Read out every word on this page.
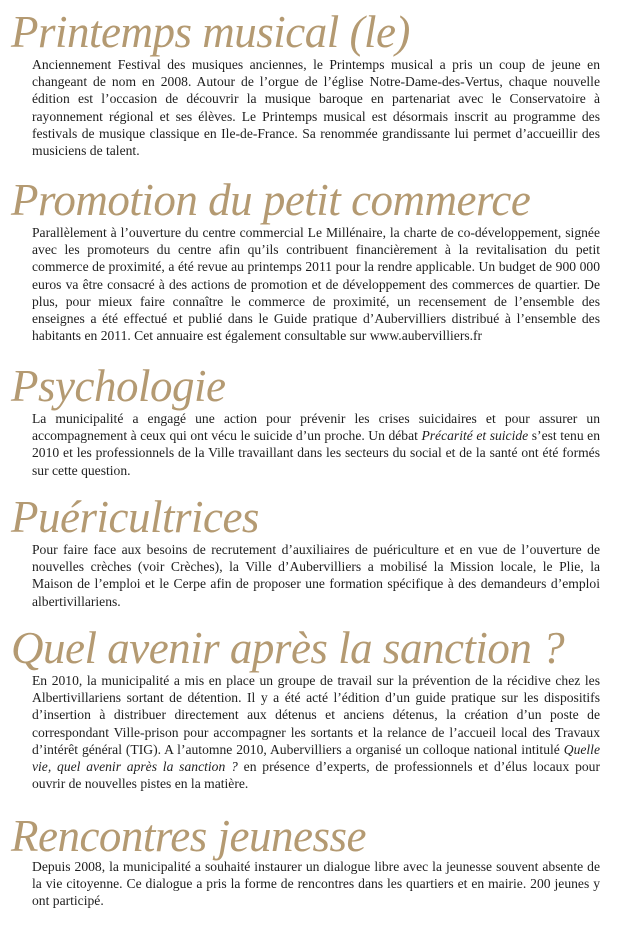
Printemps musical (le)

Anciennement Festival des musiques anciennes, le Printemps musical a pris un coup de jeune en changeant de nom en 2008. Autour de l’orgue de l’église Notre-Dame-des-Vertus, chaque nouvelle édition est l’occasion de découvrir la musique baroque en partenariat avec le Conservatoire à rayonnement régional et ses élèves. Le Printemps musical est désormais inscrit au programme des festivals de musique classique en Ile-de-France. Sa renommée grandissante lui permet d’accueillir des musiciens de talent.

Promotion du petit commerce

Parallèlement à l’ouverture du centre commercial Le Millénaire, la charte de co-développement, signée avec les promoteurs du centre afin qu’ils contribuent financièrement à la revitalisation du petit commerce de proximité, a été revue au printemps 2011 pour la rendre applicable. Un budget de 900 000 euros va être consacré à des actions de promotion et de développement des commerces de quartier. De plus, pour mieux faire connaître le commerce de proximité, un recensement de l’ensemble des enseignes a été effectué et publié dans le Guide pratique d’Aubervilliers distribué à l’ensemble des habitants en 2011. Cet annuaire est également consultable sur www.aubervilliers.fr

Psychologie

La municipalité a engagé une action pour prévenir les crises suicidaires et pour assurer un accompagnement à ceux qui ont vécu le suicide d’un proche. Un débat Précarité et suicide s’est tenu en 2010 et les professionnels de la Ville travaillant dans les secteurs du social et de la santé ont été formés sur cette question.

Puéricultrices

Pour faire face aux besoins de recrutement d’auxiliaires de puériculture et en vue de l’ouverture de nouvelles crèches (voir Crèches), la Ville d’Aubervilliers a mobilisé la Mission locale, le Plie, la Maison de l’emploi et le Cerpe afin de proposer une formation spécifique à des demandeurs d’emploi albertivillariens.

Quel avenir après la sanction ?

En 2010, la municipalité a mis en place un groupe de travail sur la prévention de la récidive chez les Albertivillariens sortant de détention. Il y a été acté l’édition d’un guide pratique sur les dispositifs d’insertion à distribuer directement aux détenus et anciens détenus, la création d’un poste de correspondant Ville-prison pour accompagner les sortants et la relance de l’accueil local des Travaux d’intérêt général (TIG). A l’automne 2010, Aubervilliers a organisé un colloque national intitulé Quelle vie, quel avenir après la sanction ? en présence d’experts, de professionnels et d’élus locaux pour ouvrir de nouvelles pistes en la matière.

Rencontres jeunesse

Depuis 2008, la municipalité a souhaité instaurer un dialogue libre avec la jeunesse souvent absente de la vie citoyenne. Ce dialogue a pris la forme de rencontres dans les quartiers et en mairie. 200 jeunes y ont participé.
